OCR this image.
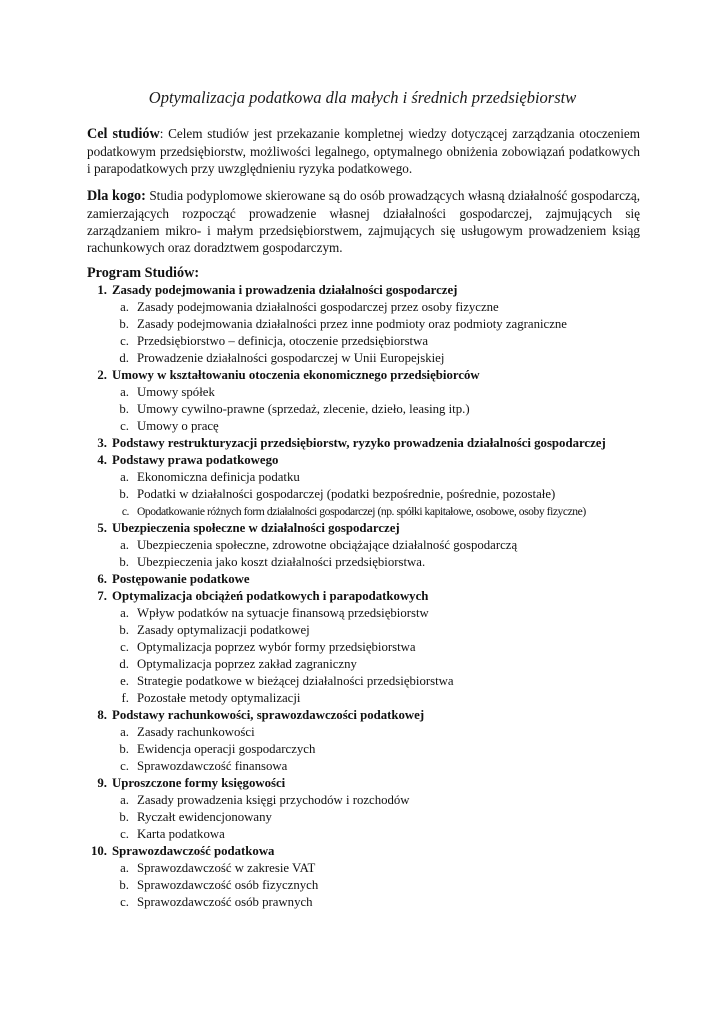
Optymalizacja podatkowa dla małych i średnich przedsiębiorstw
Cel studiów: Celem studiów jest przekazanie kompletnej wiedzy dotyczącej zarządzania otoczeniem podatkowym przedsiębiorstw, możliwości legalnego, optymalnego obniżenia zobowiązań podatkowych i parapodatkowych przy uwzględnieniu ryzyka podatkowego.
Dla kogo: Studia podyplomowe skierowane są do osób prowadzących własną działalność gospodarczą, zamierzających rozpocząć prowadzenie własnej działalności gospodarczej, zajmujących się zarządzaniem mikro- i małym przedsiębiorstwem, zajmujących się usługowym prowadzeniem ksiąg rachunkowych oraz doradztwem gospodarczym.
Program Studiów:
1. Zasady podejmowania i prowadzenia działalności gospodarczej
a. Zasady podejmowania działalności gospodarczej przez osoby fizyczne
b. Zasady podejmowania działalności przez inne podmioty oraz podmioty zagraniczne
c. Przedsiębiorstwo – definicja, otoczenie przedsiębiorstwa
d. Prowadzenie działalności gospodarczej w Unii Europejskiej
2. Umowy w kształtowaniu otoczenia ekonomicznego przedsiębiorców
a. Umowy spółek
b. Umowy cywilno-prawne (sprzedaż, zlecenie, dzieło, leasing itp.)
c. Umowy o pracę
3. Podstawy restrukturyzacji przedsiębiorstw, ryzyko prowadzenia działalności gospodarczej
4. Podstawy prawa podatkowego
a. Ekonomiczna definicja podatku
b. Podatki w działalności gospodarczej (podatki bezpośrednie, pośrednie, pozostałe)
c. Opodatkowanie różnych form działalności gospodarczej (np. spółki kapitałowe, osobowe, osoby fizyczne)
5. Ubezpieczenia społeczne w działalności gospodarczej
a. Ubezpieczenia społeczne, zdrowotne obciążające działalność gospodarczą
b. Ubezpieczenia jako koszt działalności przedsiębiorstwa.
6. Postępowanie podatkowe
7. Optymalizacja obciążeń podatkowych i parapodatkowych
a. Wpływ podatków na sytuacje finansową przedsiębiorstw
b. Zasady optymalizacji podatkowej
c. Optymalizacja poprzez wybór formy przedsiębiorstwa
d. Optymalizacja poprzez zakład zagraniczny
e. Strategie podatkowe w bieżącej działalności przedsiębiorstwa
f. Pozostałe metody optymalizacji
8. Podstawy rachunkowości, sprawozdawczości podatkowej
a. Zasady rachunkowości
b. Ewidencja operacji gospodarczych
c. Sprawozdawczość finansowa
9. Uproszczone formy księgowości
a. Zasady prowadzenia księgi przychodów i rozchodów
b. Ryczałt ewidencjonowany
c. Karta podatkowa
10. Sprawozdawczość podatkowa
a. Sprawozdawczość w zakresie VAT
b. Sprawozdawczość osób fizycznych
c. Sprawozdawczość osób prawnych
